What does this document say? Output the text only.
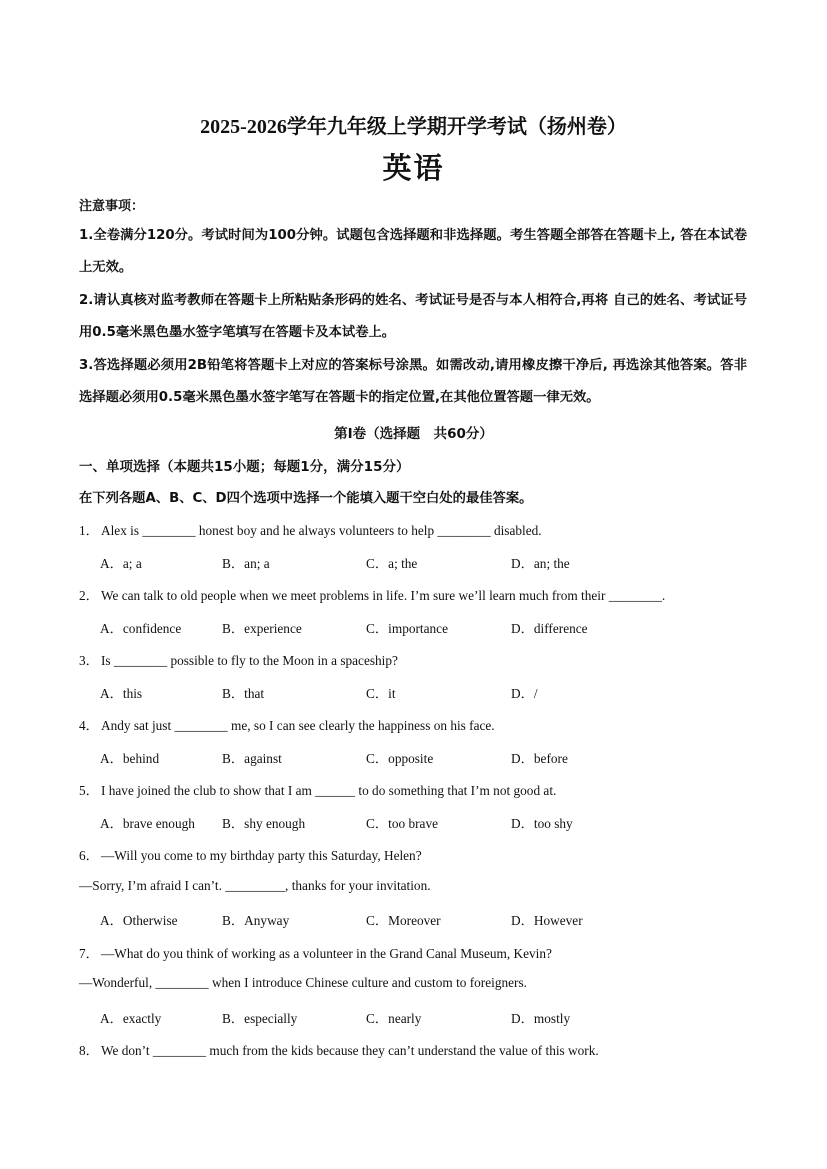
2025-2026学年九年级上学期开学考试（扬州卷）
英语
注意事项：
1.全卷满分120分。考试时间为100分钟。试题包含选择题和非选择题。考生答题全部答在答题卡上, 答在本试卷上无效。
2.请认真核对监考教师在答题卡上所粘贴条形码的姓名、考试证号是否与本人相符合,再将 自己的姓名、考试证号用0.5毫米黑色墨水签字笔填写在答题卡及本试卷上。
3.答选择题必须用2B铅笔将答题卡上对应的答案标号涂黑。如需改动,请用橡皮擦干净后, 再选涂其他答案。答非选择题必须用0.5毫米黑色墨水签字笔写在答题卡的指定位置,在其他位置答题一律无效。
第I卷（选择题　共60分）
一、单项选择（本题共15小题；每题1分，满分15分）
在下列各题A、B、C、D四个选项中选择一个能填入题干空白处的最佳答案。
1． Alex is ________ honest boy and he always volunteers to help ________ disabled.
A．a; a	B．an; a	C．a; the	D．an; the
2． We can talk to old people when we meet problems in life. I’m sure we’ll learn much from their ________.
A．confidence	B．experience	C．importance	D．difference
3． Is ________ possible to fly to the Moon in a spaceship?
A．this	B．that	C．it	D．/
4． Andy sat just ________ me, so I can see clearly the happiness on his face.
A．behind	B．against	C．opposite	D．before
5． I have joined the club to show that I am ______ to do something that I’m not good at.
A．brave enough B．shy enough	C．too brave	D．too shy
6． —Will you come to my birthday party this Saturday, Helen?
—Sorry, I’m afraid I can’t. _________, thanks for your invitation.
A．Otherwise	B．Anyway	C．Moreover	D．However
7． —What do you think of working as a volunteer in the Grand Canal Museum, Kevin?
—Wonderful, ________ when I introduce Chinese culture and custom to foreigners.
A．exactly	B．especially	C．nearly	D．mostly
8． We don’t ________ much from the kids because they can’t understand the value of this work.
